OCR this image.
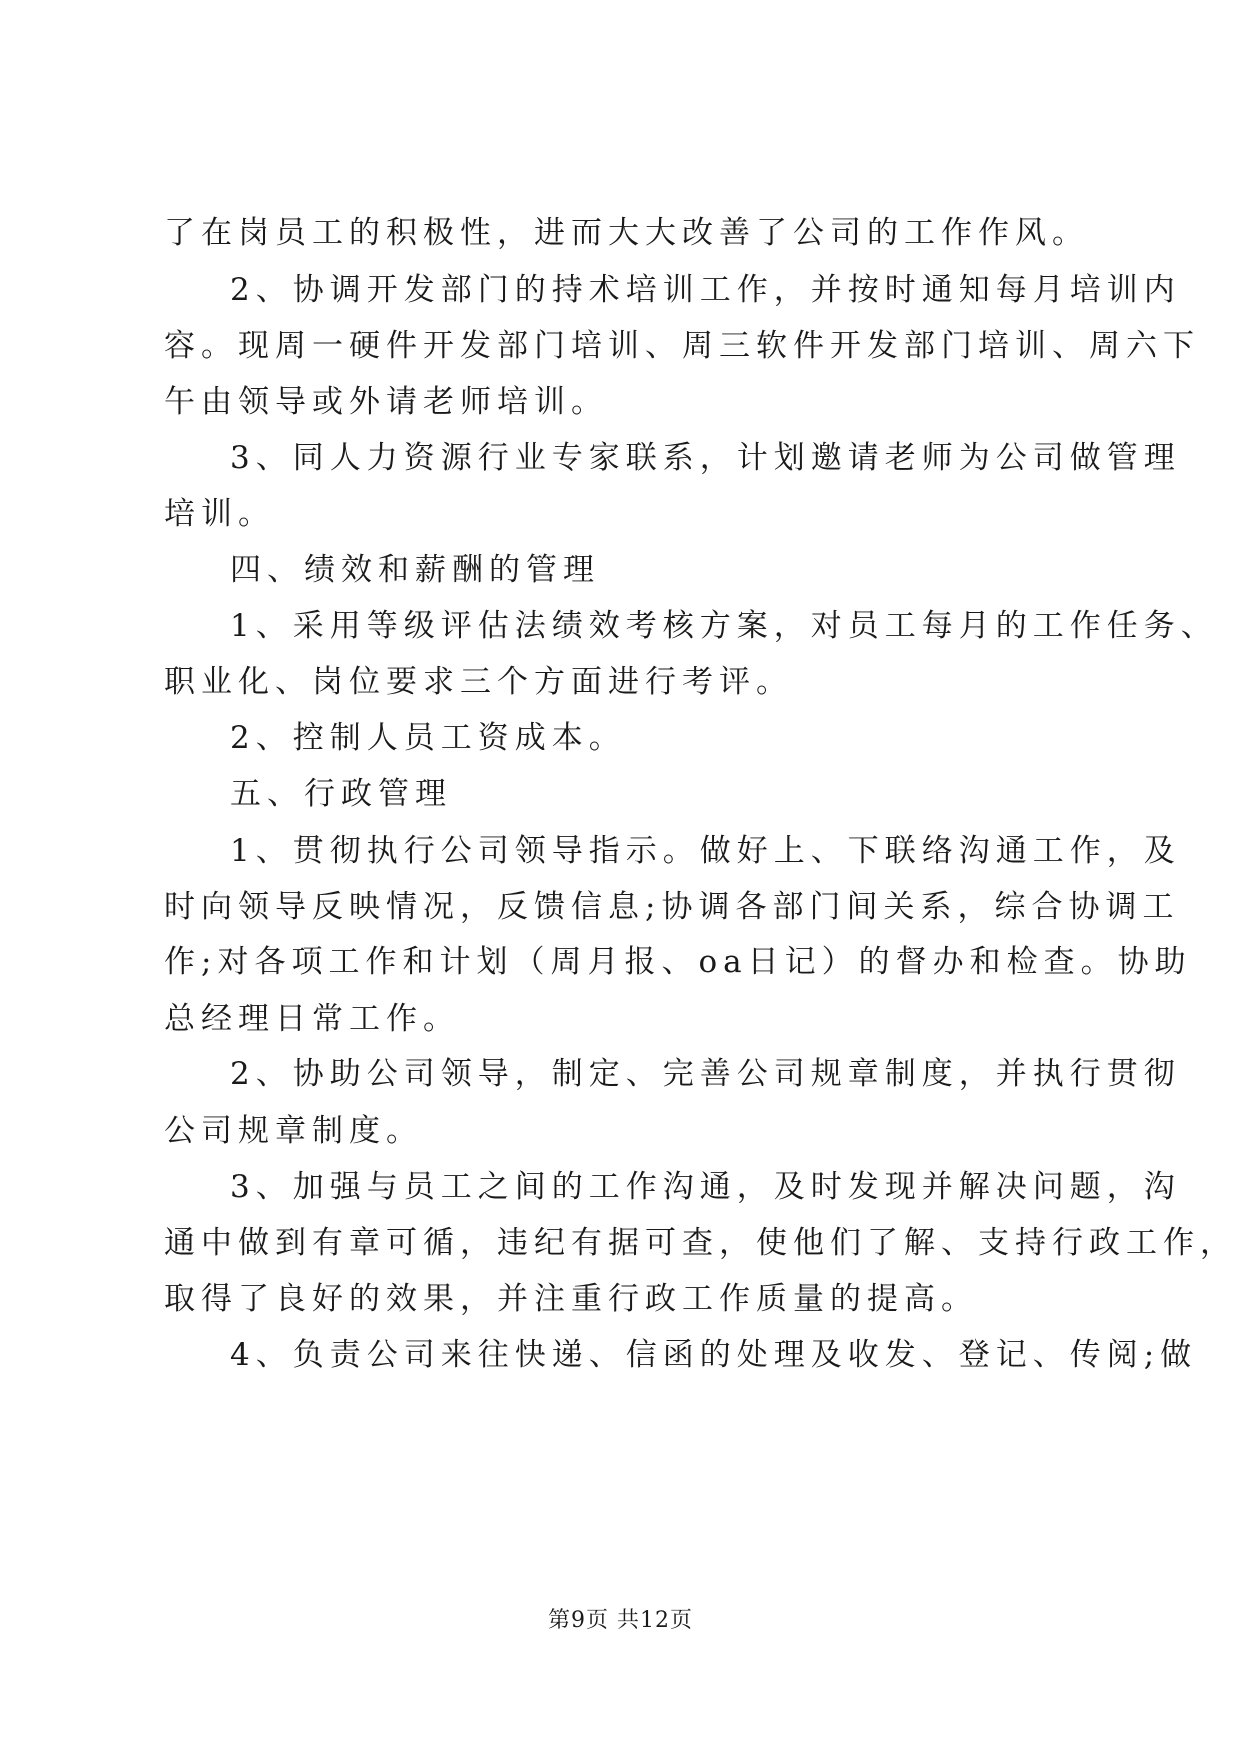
了在岗员工的积极性，进而大大改善了公司的工作作风。
2、协调开发部门的持术培训工作，并按时通知每月培训内
容。现周一硬件开发部门培训、周三软件开发部门培训、周六下
午由领导或外请老师培训。
3、同人力资源行业专家联系，计划邀请老师为公司做管理
培训。
四、绩效和薪酬的管理
1、采用等级评估法绩效考核方案，对员工每月的工作任务、
职业化、岗位要求三个方面进行考评。
2、控制人员工资成本。
五、行政管理
1、贯彻执行公司领导指示。做好上、下联络沟通工作，及
时向领导反映情况，反馈信息;协调各部门间关系，综合协调工
作;对各项工作和计划（周月报、oa日记）的督办和检查。协助
总经理日常工作。
2、协助公司领导，制定、完善公司规章制度，并执行贯彻
公司规章制度。
3、加强与员工之间的工作沟通，及时发现并解决问题，沟
通中做到有章可循，违纪有据可查，使他们了解、支持行政工作，
取得了良好的效果，并注重行政工作质量的提高。
4、负责公司来往快递、信函的处理及收发、登记、传阅;做
第9页 共12页
